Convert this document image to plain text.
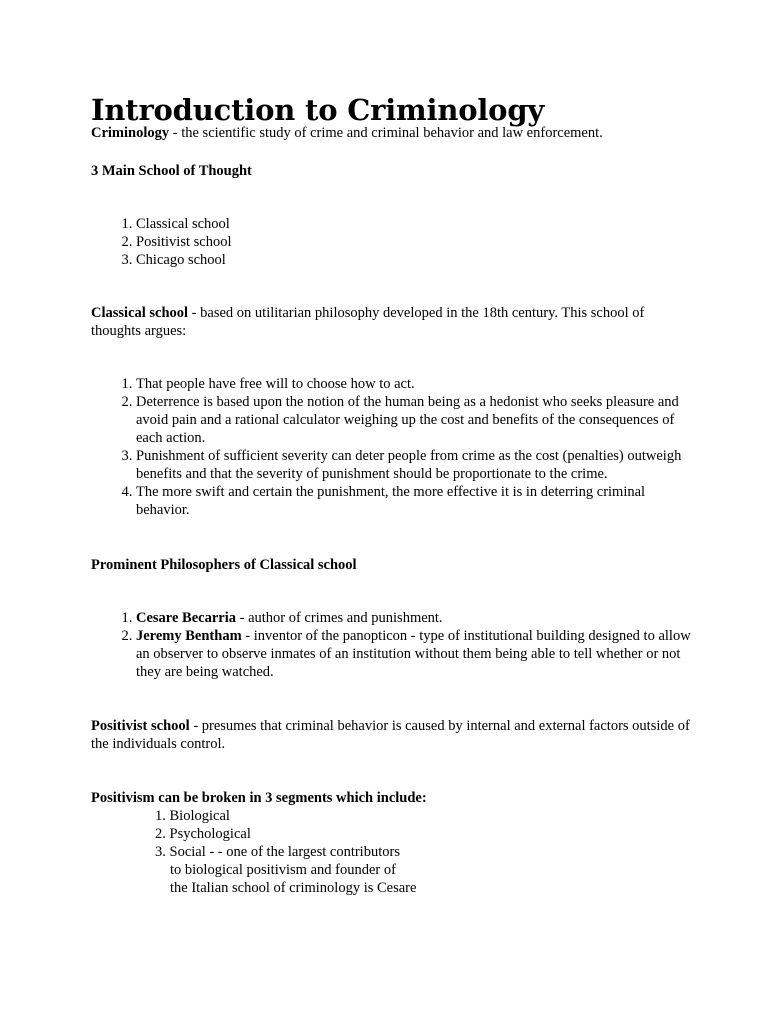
Introduction to Criminology

Criminology - the scientific study of crime and criminal behavior and law enforcement.

3 Main School of Thought

1. Classical school
2. Positivist school
3. Chicago school

Classical school - based on utilitarian philosophy developed in the 18th century. This school of thoughts argues:

1. That people have free will to choose how to act.
2. Deterrence is based upon the notion of the human being as a hedonist who seeks pleasure and avoid pain and a rational calculator weighing up the cost and benefits of the consequences of each action.
3. Punishment of sufficient severity can deter people from crime as the cost (penalties) outweigh benefits and that the severity of punishment should be proportionate to the crime.
4. The more swift and certain the punishment, the more effective it is in deterring criminal behavior.

Prominent Philosophers of Classical school

1. Cesare Becarria - author of crimes and punishment.
2. Jeremy Bentham - inventor of the panopticon - type of institutional building designed to allow an observer to observe inmates of an institution without them being able to tell whether or not they are being watched.

Positivist school - presumes that criminal behavior is caused by internal and external factors outside of the individuals control.

Positivism can be broken in 3 segments which include:

1. Biological
2. Psychological
3. Social - - one of the largest contributors
to biological positivism and founder of
the Italian school of criminology is Cesare
